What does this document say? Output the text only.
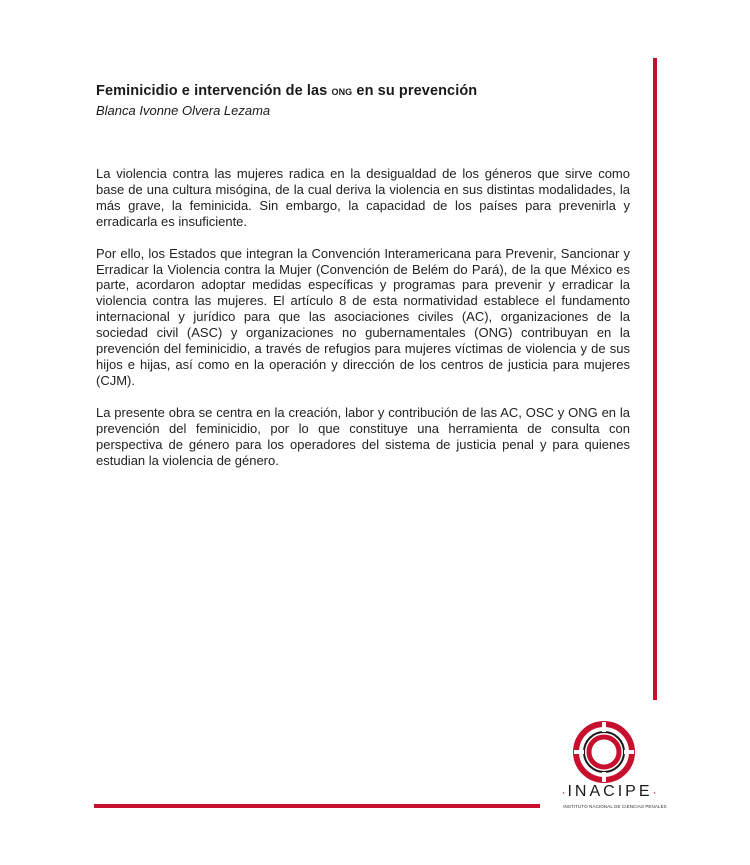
Feminicidio e intervención de las ong en su prevención
Blanca Ivonne Olvera Lezama

La violencia contra las mujeres radica en la desigualdad de los géneros que sirve como base de una cultura misógina, de la cual deriva la violencia en sus distintas modalidades, la más grave, la feminicida. Sin embargo, la capacidad de los países para prevenirla y erradicarla es insuficiente.

Por ello, los Estados que integran la Convención Interamericana para Prevenir, Sancionar y Erradicar la Violencia contra la Mujer (Convención de Belém do Pará), de la que México es parte, acordaron adoptar medidas específicas y programas para prevenir y erradicar la violencia contra las mujeres. El artículo 8 de esta normatividad establece el fundamento internacional y jurídico para que las asociaciones civiles (AC), organizaciones de la sociedad civil (ASC) y organizaciones no gubernamentales (ONG) contribuyan en la prevención del feminicidio, a través de refugios para mujeres víctimas de violencia y de sus hijos e hijas, así como en la operación y dirección de los centros de justicia para mujeres (CJM).

La presente obra se centra en la creación, labor y contribución de las AC, OSC y ONG en la prevención del feminicidio, por lo que constituye una herramienta de consulta con perspectiva de género para los operadores del sistema de justicia penal y para quienes estudian la violencia de género.

·INACIPE·
INSTITUTO NACIONAL DE CIENCIAS PENALES
